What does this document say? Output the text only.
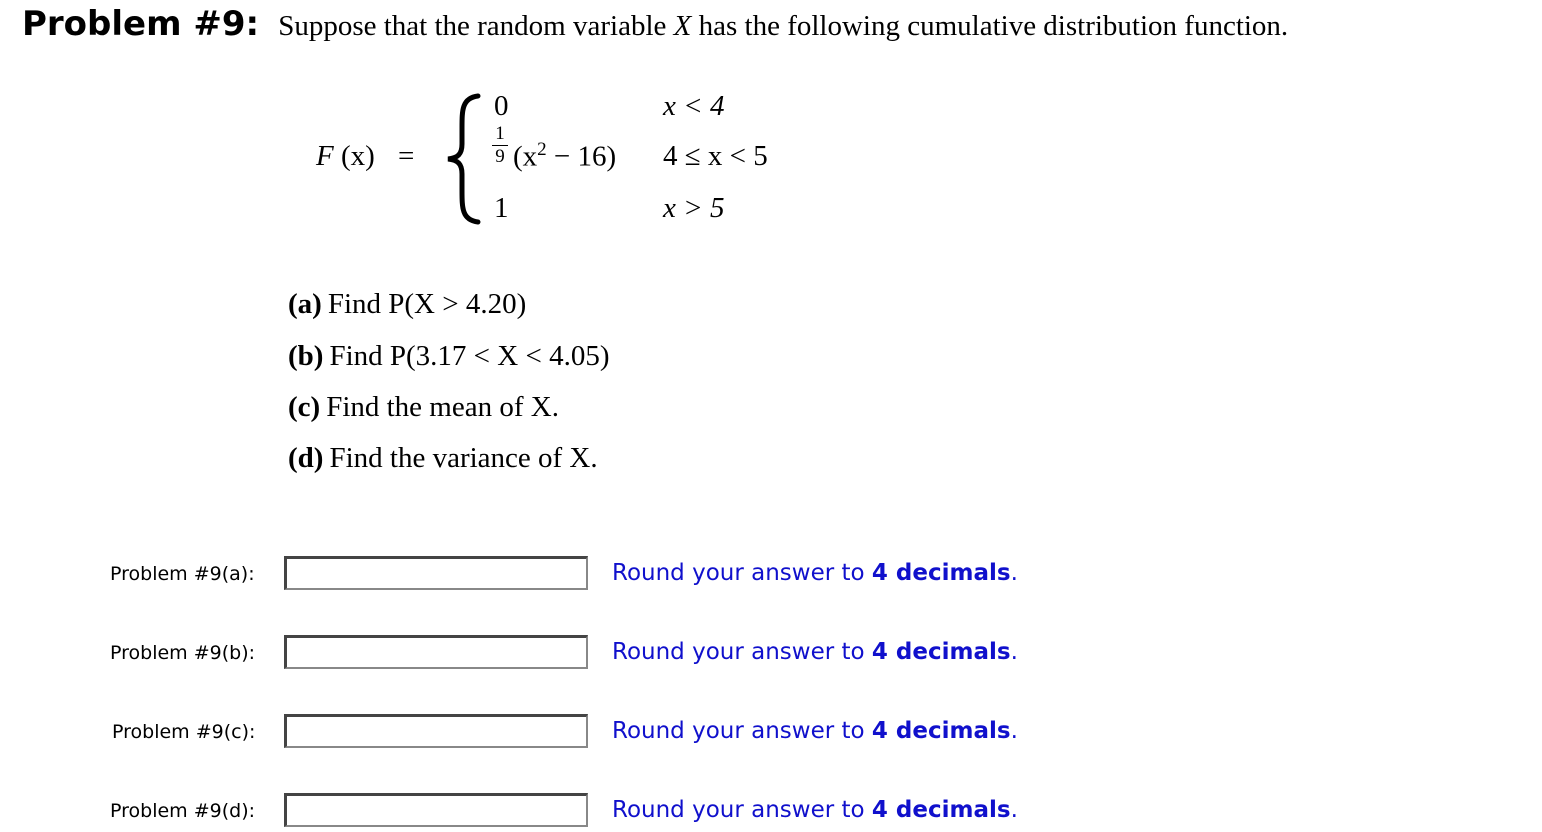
Problem #9: Suppose that the random variable X has the following cumulative distribution function.
F (x) =
0	x < 4
1
9 $(x^2 - 16) 4 \le x < 5$
1	x > 5
(a) Find P(X > 4.20)
(b) Find P(3.17 < X < 4.05)
(c) Find the mean of X.
(d) Find the variance of X.
Problem #9(a):	Round your answer to 4 decimals.
Problem #9(b):	Round your answer to 4 decimals.
Problem #9(c):	Round your answer to 4 decimals.
Problem #9(d):	Round your answer to 4 decimals.
